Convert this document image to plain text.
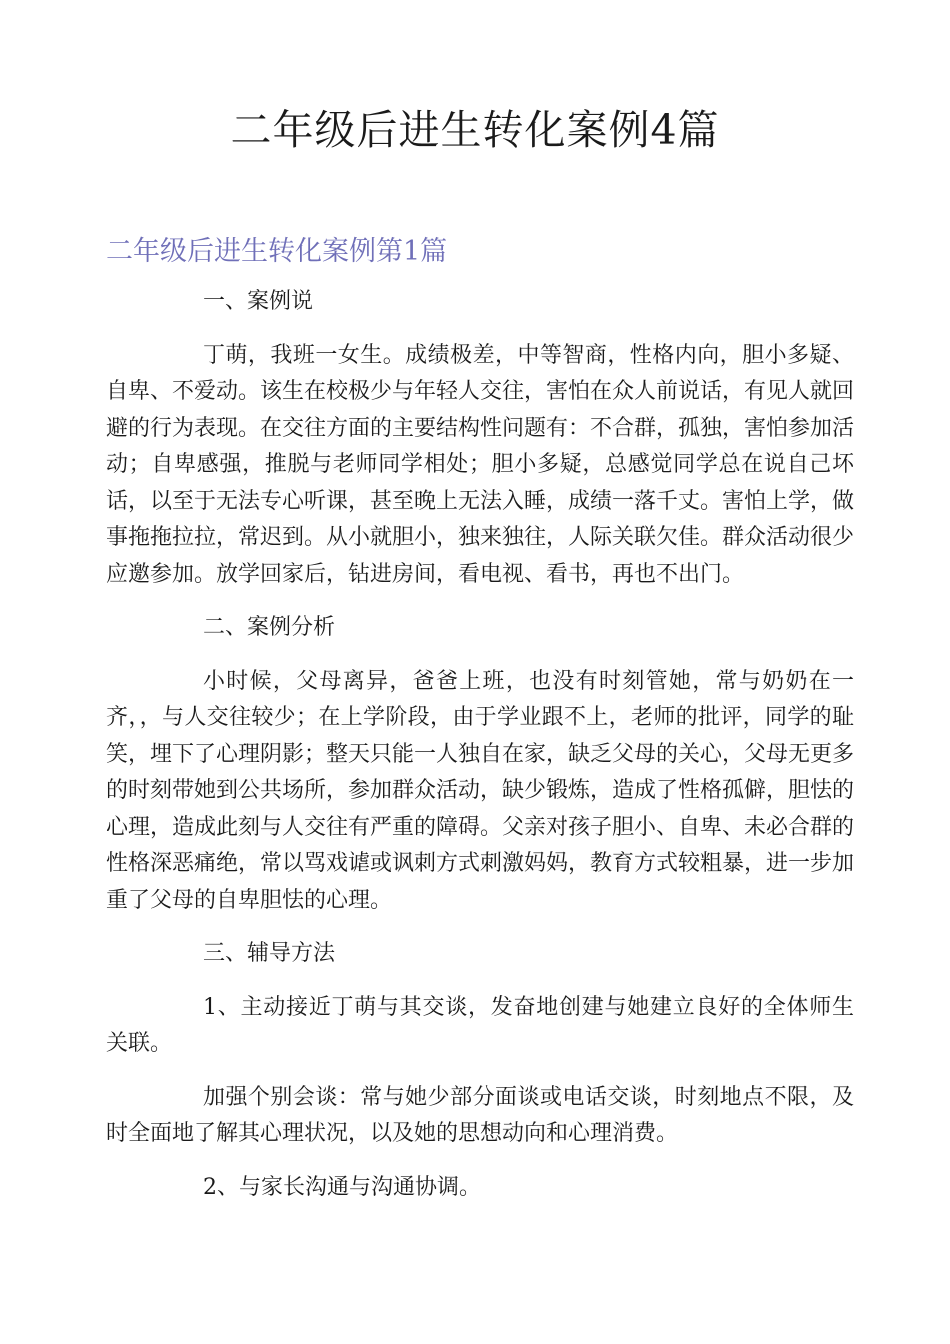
二年级后进生转化案例4篇
二年级后进生转化案例第1篇

一、案例说

丁萌，我班一女生。成绩极差，中等智商，性格内向，胆小多疑、自卑、不爱动。该生在校极少与年轻人交往，害怕在众人前说话，有见人就回避的行为表现。在交往方面的主要结构性问题有：不合群，孤独，害怕参加活动；自卑感强，推脱与老师同学相处；胆小多疑，总感觉同学总在说自己坏话，以至于无法专心听课，甚至晚上无法入睡，成绩一落千丈。害怕上学，做事拖拖拉拉，常迟到。从小就胆小，独来独往，人际关联欠佳。群众活动很少应邀参加。放学回家后，钻进房间，看电视、看书，再也不出门。

二、案例分析

小时候，父母离异，爸爸上班，也没有时刻管她，常与奶奶在一齐，，与人交往较少；在上学阶段，由于学业跟不上，老师的批评，同学的耻笑，埋下了心理阴影；整天只能一人独自在家，缺乏父母的关心，父母无更多的时刻带她到公共场所，参加群众活动，缺少锻炼，造成了性格孤僻，胆怯的心理，造成此刻与人交往有严重的障碍。父亲对孩子胆小、自卑、未必合群的性格深恶痛绝，常以骂戏谑或讽刺方式刺激妈妈，教育方式较粗暴，进一步加重了父母的自卑胆怯的心理。

三、辅导方法

1、主动接近丁萌与其交谈，发奋地创建与她建立良好的全体师生关联。

加强个别会谈：常与她少部分面谈或电话交谈，时刻地点不限，及时全面地了解其心理状况，以及她的思想动向和心理消费。

2、与家长沟通与沟通协调。
